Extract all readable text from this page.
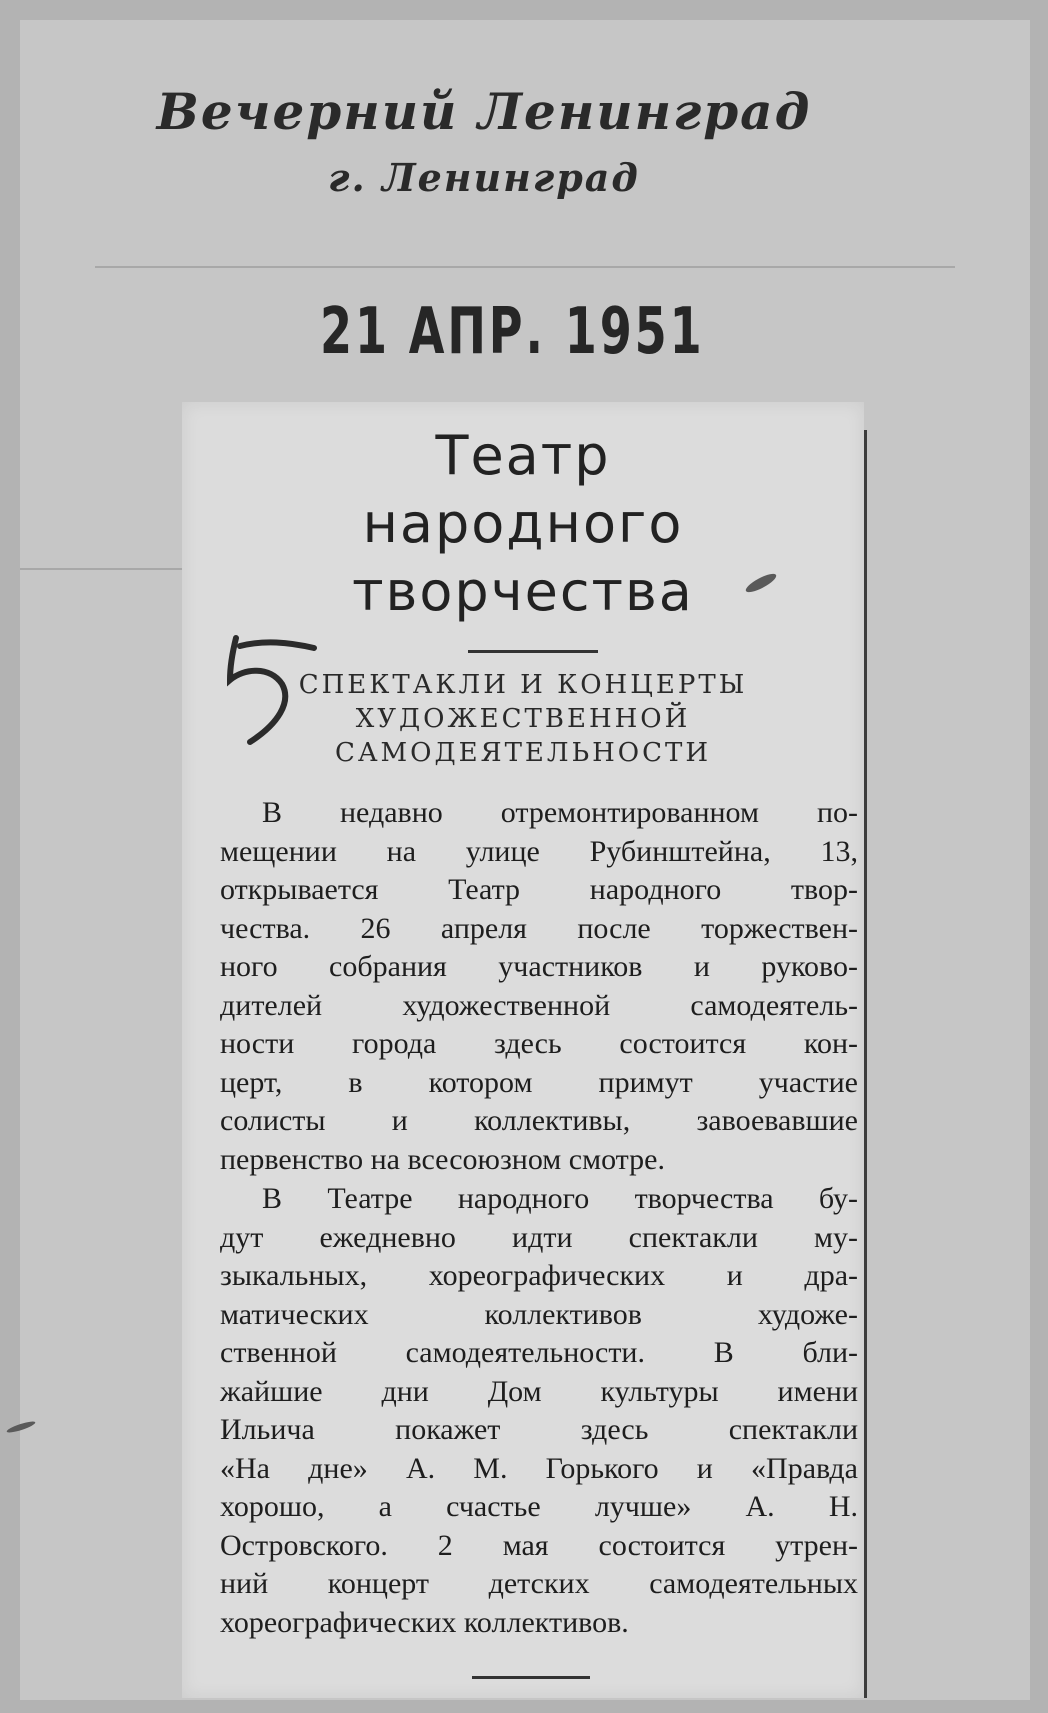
Вечерний Ленинград
г. Ленинград
21 АПР. 1951
Театр
народного
творчества
СПЕКТАКЛИ И КОНЦЕРТЫ
ХУДОЖЕСТВЕННОЙ
САМОДЕЯТЕЛЬНОСТИ
В недавно отремонтированном по-
мещении на улице Рубинштейна, 13,
открывается Театр народного твор-
чества. 26 апреля после торжествен-
ного собрания участников и руково-
дителей художественной самодеятель-
ности города здесь состоится кон-
церт, в котором примут участие
солисты и коллективы, завоевавшие
первенство на всесоюзном смотре.
В Театре народного творчества бу-
дут ежедневно идти спектакли му-
зыкальных, хореографических и дра-
матических коллективов художе-
ственной самодеятельности. В бли-
жайшие дни Дом культуры имени
Ильича покажет здесь спектакли
«На дне» А. М. Горького и «Правда
хорошо, а счастье лучше» А. Н.
Островского. 2 мая состоится утрен-
ний концерт детских самодеятельных
хореографических коллективов.
